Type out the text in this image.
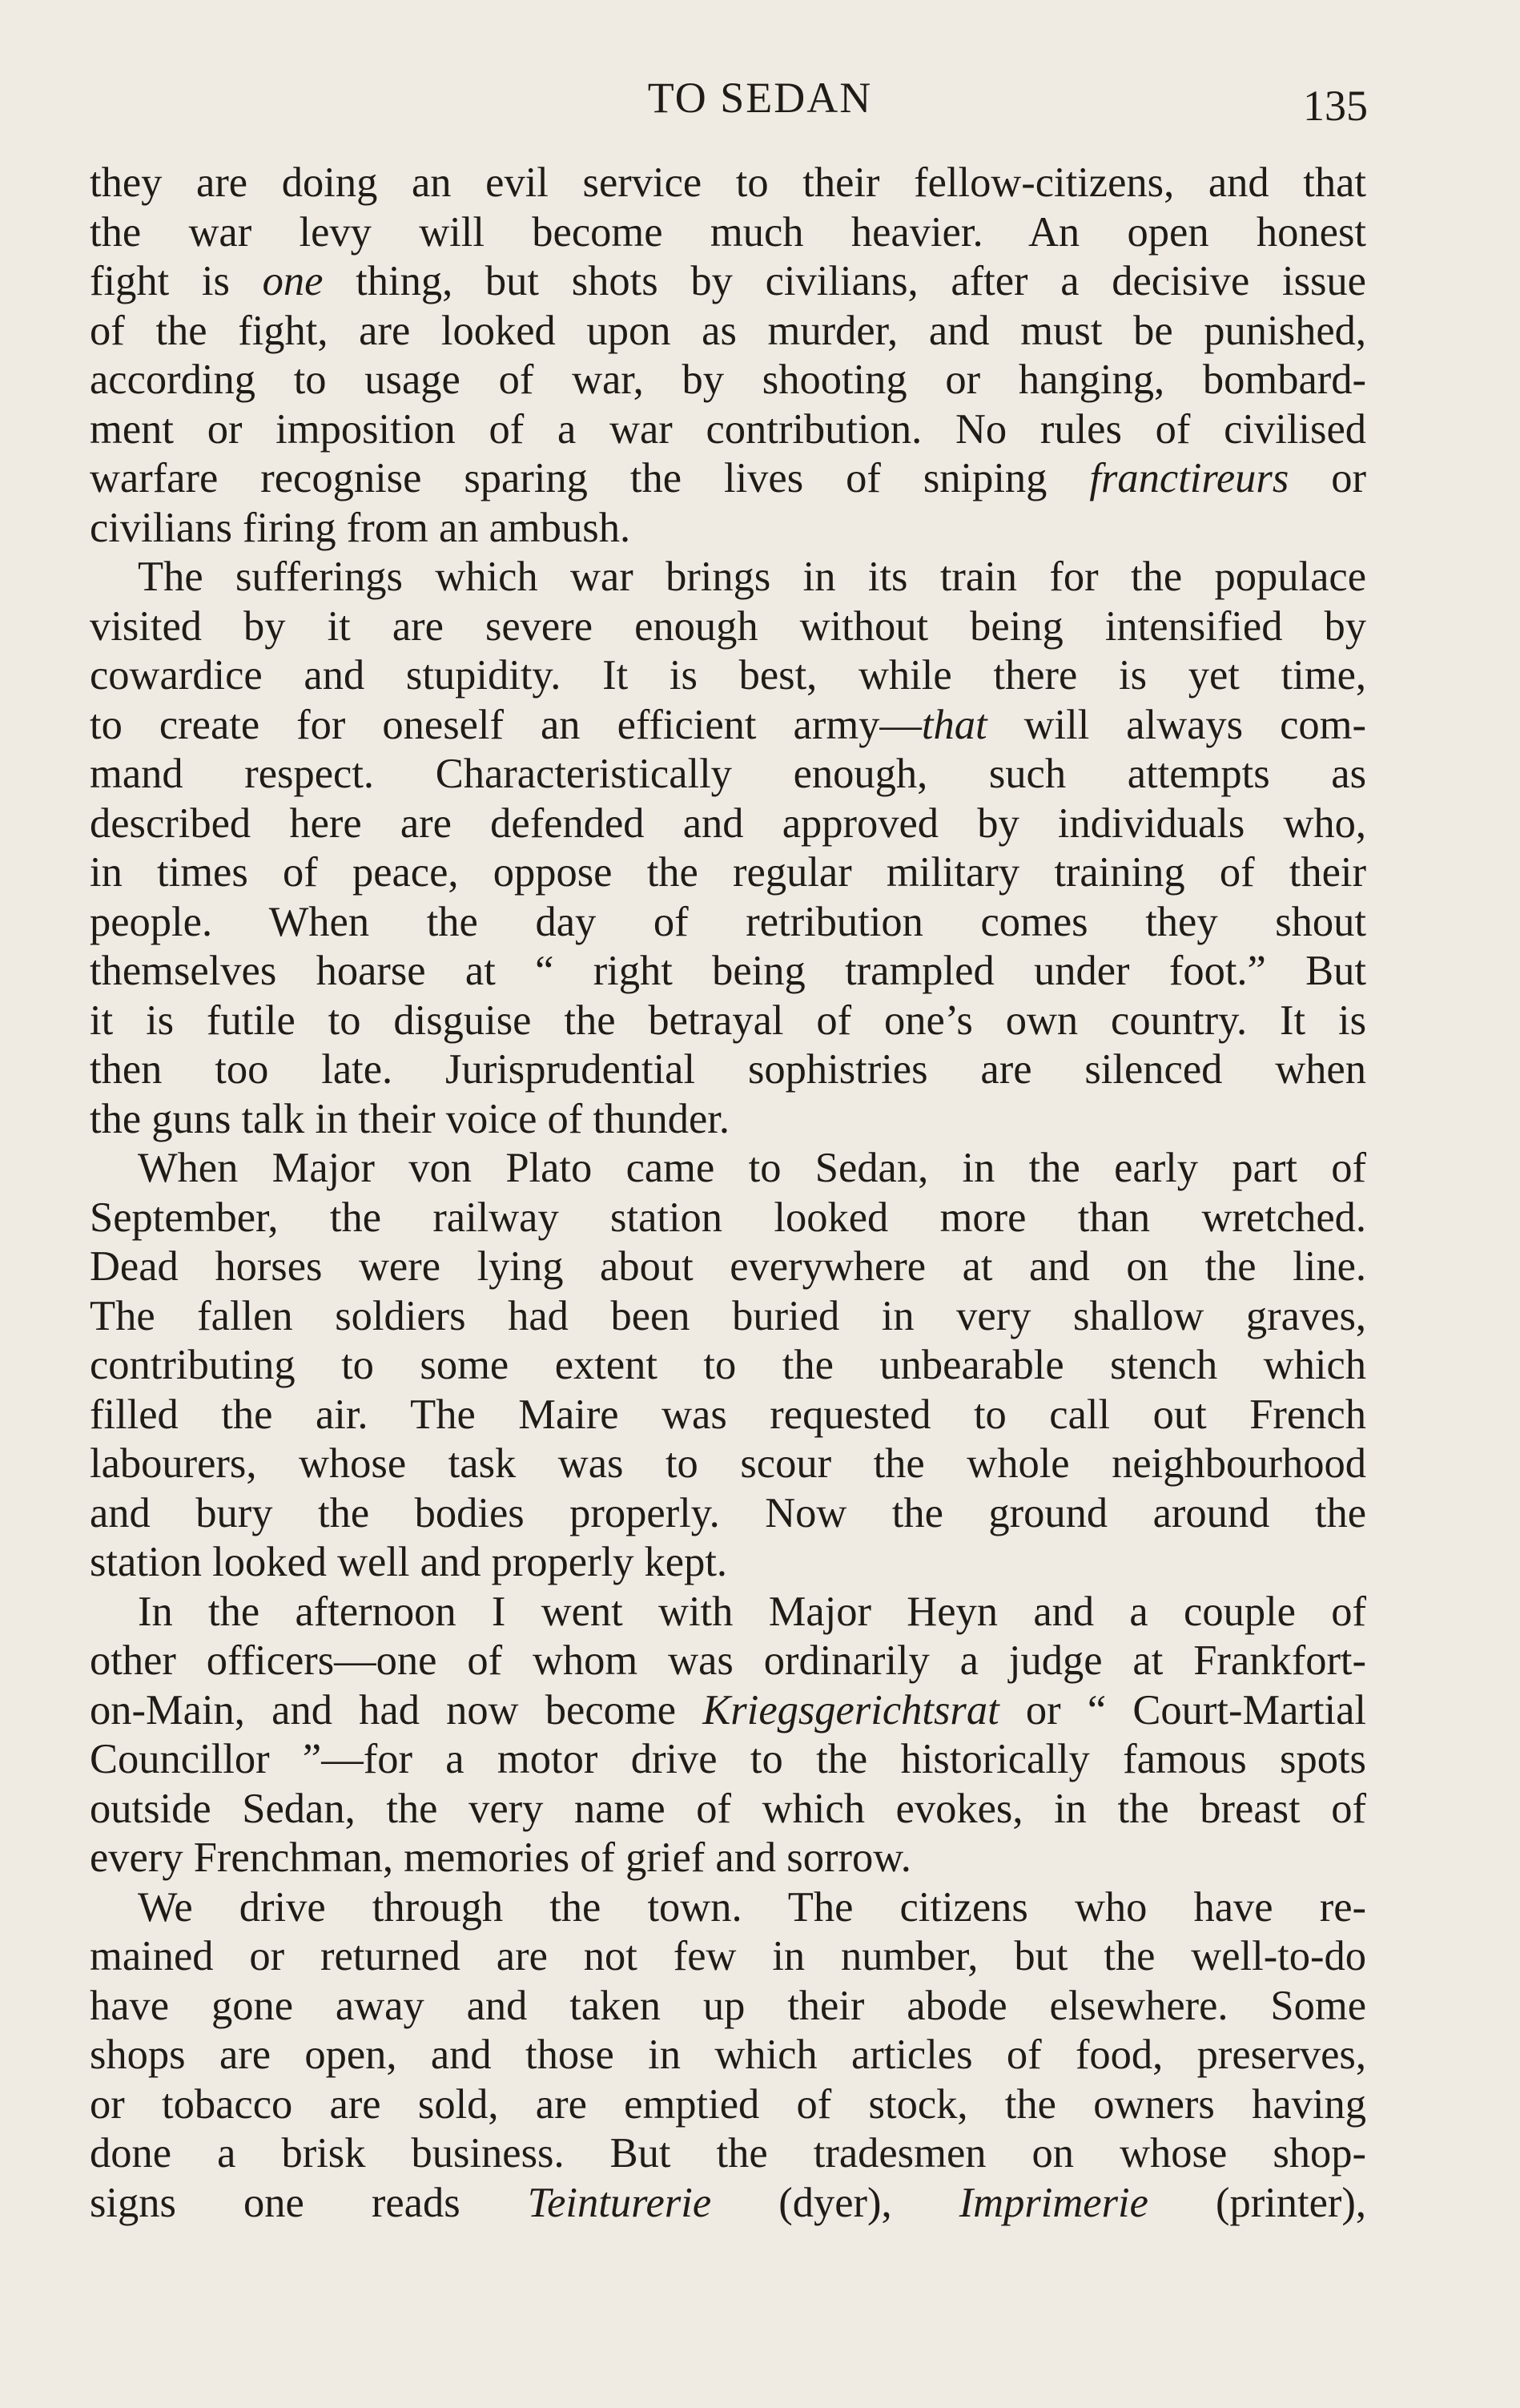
TO SEDAN	135
they are doing an evil service to their fellow-citizens, and that
the war levy will become much heavier. An open honest
fight is one thing, but shots by civilians, after a decisive issue
of the fight, are looked upon as murder, and must be punished,
according to usage of war, by shooting or hanging, bombard-
ment or imposition of a war contribution. No rules of civilised
warfare recognise sparing the lives of sniping franctireurs or
civilians firing from an ambush.
The sufferings which war brings in its train for the populace
visited by it are severe enough without being intensified by
cowardice and stupidity. It is best, while there is yet time,
to create for oneself an efficient army—that will always com-
mand respect. Characteristically enough, such attempts as
described here are defended and approved by individuals who,
in times of peace, oppose the regular military training of their
people. When the day of retribution comes they shout
themselves hoarse at “ right being trampled under foot.” But
it is futile to disguise the betrayal of one’s own country. It is
then too late. Jurisprudential sophistries are silenced when
the guns talk in their voice of thunder.
When Major von Plato came to Sedan, in the early part of
September, the railway station looked more than wretched.
Dead horses were lying about everywhere at and on the line.
The fallen soldiers had been buried in very shallow graves,
contributing to some extent to the unbearable stench which
filled the air. The Maire was requested to call out French
labourers, whose task was to scour the whole neighbourhood
and bury the bodies properly. Now the ground around the
station looked well and properly kept.
In the afternoon I went with Major Heyn and a couple of
other officers—one of whom was ordinarily a judge at Frankfort-
on-Main, and had now become Kriegsgerichtsrat or “ Court-Martial
Councillor ”—for a motor drive to the historically famous spots
outside Sedan, the very name of which evokes, in the breast of
every Frenchman, memories of grief and sorrow.
We drive through the town. The citizens who have re-
mained or returned are not few in number, but the well-to-do
have gone away and taken up their abode elsewhere. Some
shops are open, and those in which articles of food, preserves,
or tobacco are sold, are emptied of stock, the owners having
done a brisk business. But the tradesmen on whose shop-
signs one reads Teinturerie (dyer), Imprimerie (printer),
